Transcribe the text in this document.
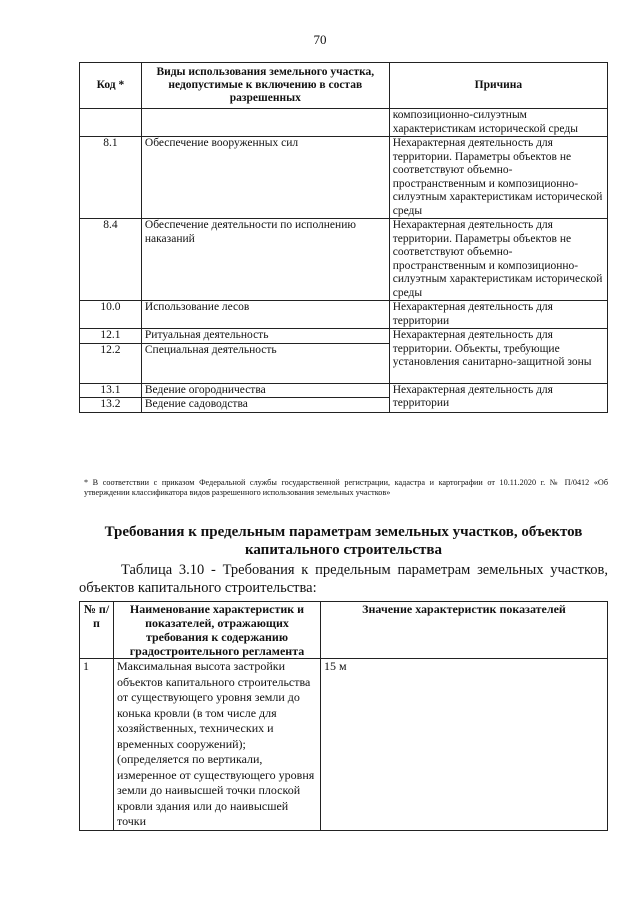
70
Код *	Виды использования земельного участка, недопустимые к включению в состав разрешенных	Причина
		композиционно-силуэтным характеристикам исторической среды
8.1	Обеспечение вооруженных сил	Нехарактерная деятельность для территории. Параметры объектов не соответствуют объемно-пространственным и композиционно-силуэтным характеристикам исторической среды
8.4	Обеспечение деятельности по исполнению наказаний	Нехарактерная деятельность для территории. Параметры объектов не соответствуют объемно-пространственным и композиционно-силуэтным характеристикам исторической среды
10.0	Использование лесов	Нехарактерная деятельность для территории
12.1	Ритуальная деятельность	Нехарактерная деятельность для территории. Объекты, требующие установления санитарно-защитной зоны
12.2	Специальная деятельность	
13.1	Ведение огородничества	Нехарактерная деятельность для территории
13.2	Ведение садоводства	
* В соответствии с приказом Федеральной службы государственной регистрации, кадастра и картографии от 10.11.2020 г. № П/0412 «Об утверждении классификатора видов разрешенного использования земельных участков»
Требования к предельным параметрам земельных участков, объектов капитального строительства
Таблица 3.10 - Требования к предельным параметрам земельных участков, объектов капитального строительства:
№ п/п	Наименование характеристик и показателей, отражающих требования к содержанию градостроительного регламента	Значение характеристик показателей
1	Максимальная высота застройки объектов капитального строительства от существующего уровня земли до конька кровли (в том числе для хозяйственных, технических и временных сооружений); (определяется по вертикали, измеренное от существующего уровня земли до наивысшей точки плоской кровли здания или до наивысшей точки	15 м
